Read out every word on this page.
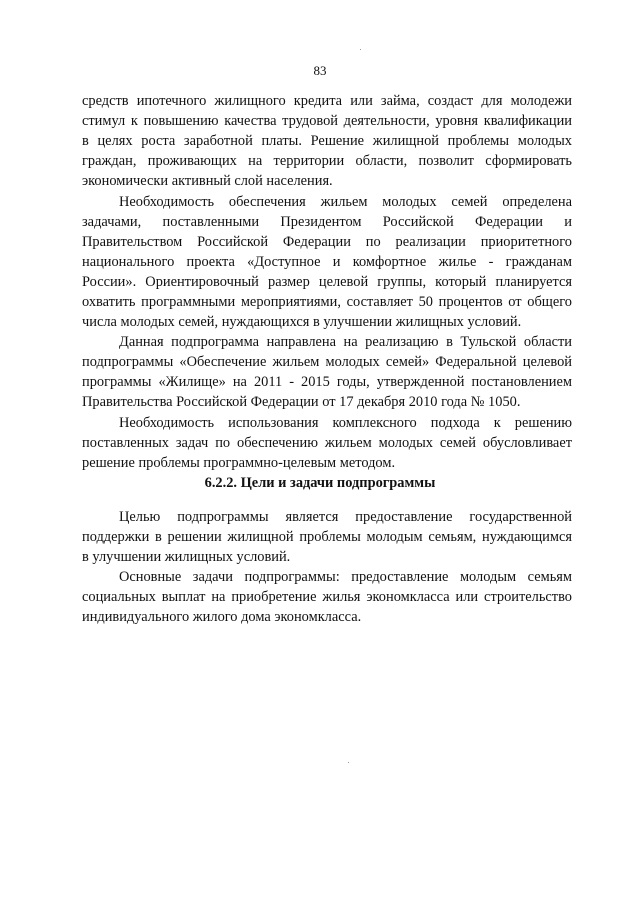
83
средств ипотечного жилищного кредита или займа, создаст для молодежи
стимул к повышению качества трудовой деятельности, уровня квалификации
в целях роста заработной платы. Решение жилищной проблемы молодых
граждан, проживающих на территории области, позволит сформировать
экономически активный слой населения.
Необходимость обеспечения жильем молодых семей определена
задачами, поставленными Президентом Российской Федерации и
Правительством Российской Федерации по реализации приоритетного
национального проекта «Доступное и комфортное жилье - гражданам
России». Ориентировочный размер целевой группы, который планируется
охватить программными мероприятиями, составляет 50 процентов от общего
числа молодых семей, нуждающихся в улучшении жилищных условий.
Данная подпрограмма направлена на реализацию в Тульской области
подпрограммы «Обеспечение жильем молодых семей» Федеральной целевой
программы «Жилище» на 2011 - 2015 годы, утвержденной постановлением
Правительства Российской Федерации от 17 декабря 2010 года № 1050.
Необходимость использования комплексного подхода к решению
поставленных задач по обеспечению жильем молодых семей обусловливает
решение проблемы программно-целевым методом.
6.2.2. Цели и задачи подпрограммы
Целью подпрограммы является предоставление государственной
поддержки в решении жилищной проблемы молодым семьям, нуждающимся
в улучшении жилищных условий.
Основные задачи подпрограммы: предоставление молодым семьям
социальных выплат на приобретение жилья экономкласса или строительство
индивидуального жилого дома экономкласса.
